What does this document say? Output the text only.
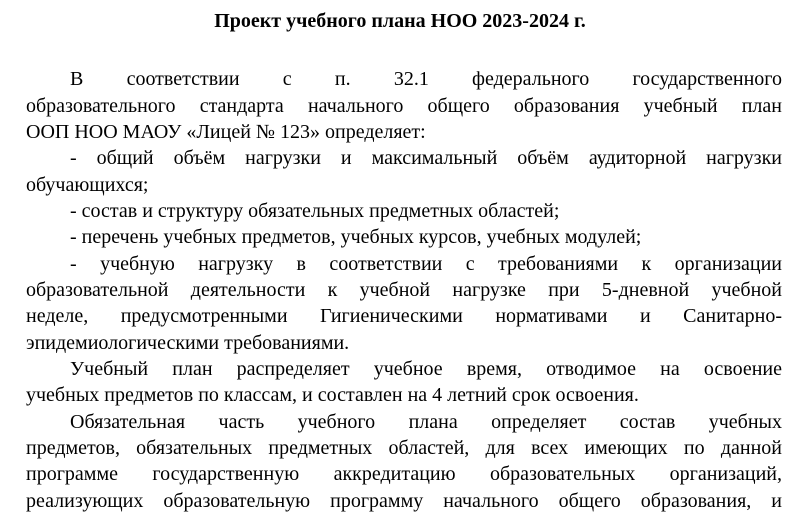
Проект учебного плана НОО 2023-2024 г.
В соответствии с п. 32.1 федерального государственного
образовательного стандарта начального общего образования учебный план
ООП НОО МАОУ «Лицей № 123» определяет:
- общий объём нагрузки и максимальный объём аудиторной нагрузки
обучающихся;
- состав и структуру обязательных предметных областей;
- перечень учебных предметов, учебных курсов, учебных модулей;
- учебную нагрузку в соответствии с требованиями к организации
образовательной деятельности к учебной нагрузке при 5-дневной учебной
неделе, предусмотренными Гигиеническими нормативами и Санитарно-
эпидемиологическими требованиями.
Учебный план распределяет учебное время, отводимое на освоение
учебных предметов по классам, и составлен на 4 летний срок освоения.
Обязательная часть учебного плана определяет состав учебных
предметов, обязательных предметных областей, для всех имеющих по данной
программе государственную аккредитацию образовательных организаций,
реализующих образовательную программу начального общего образования, и
